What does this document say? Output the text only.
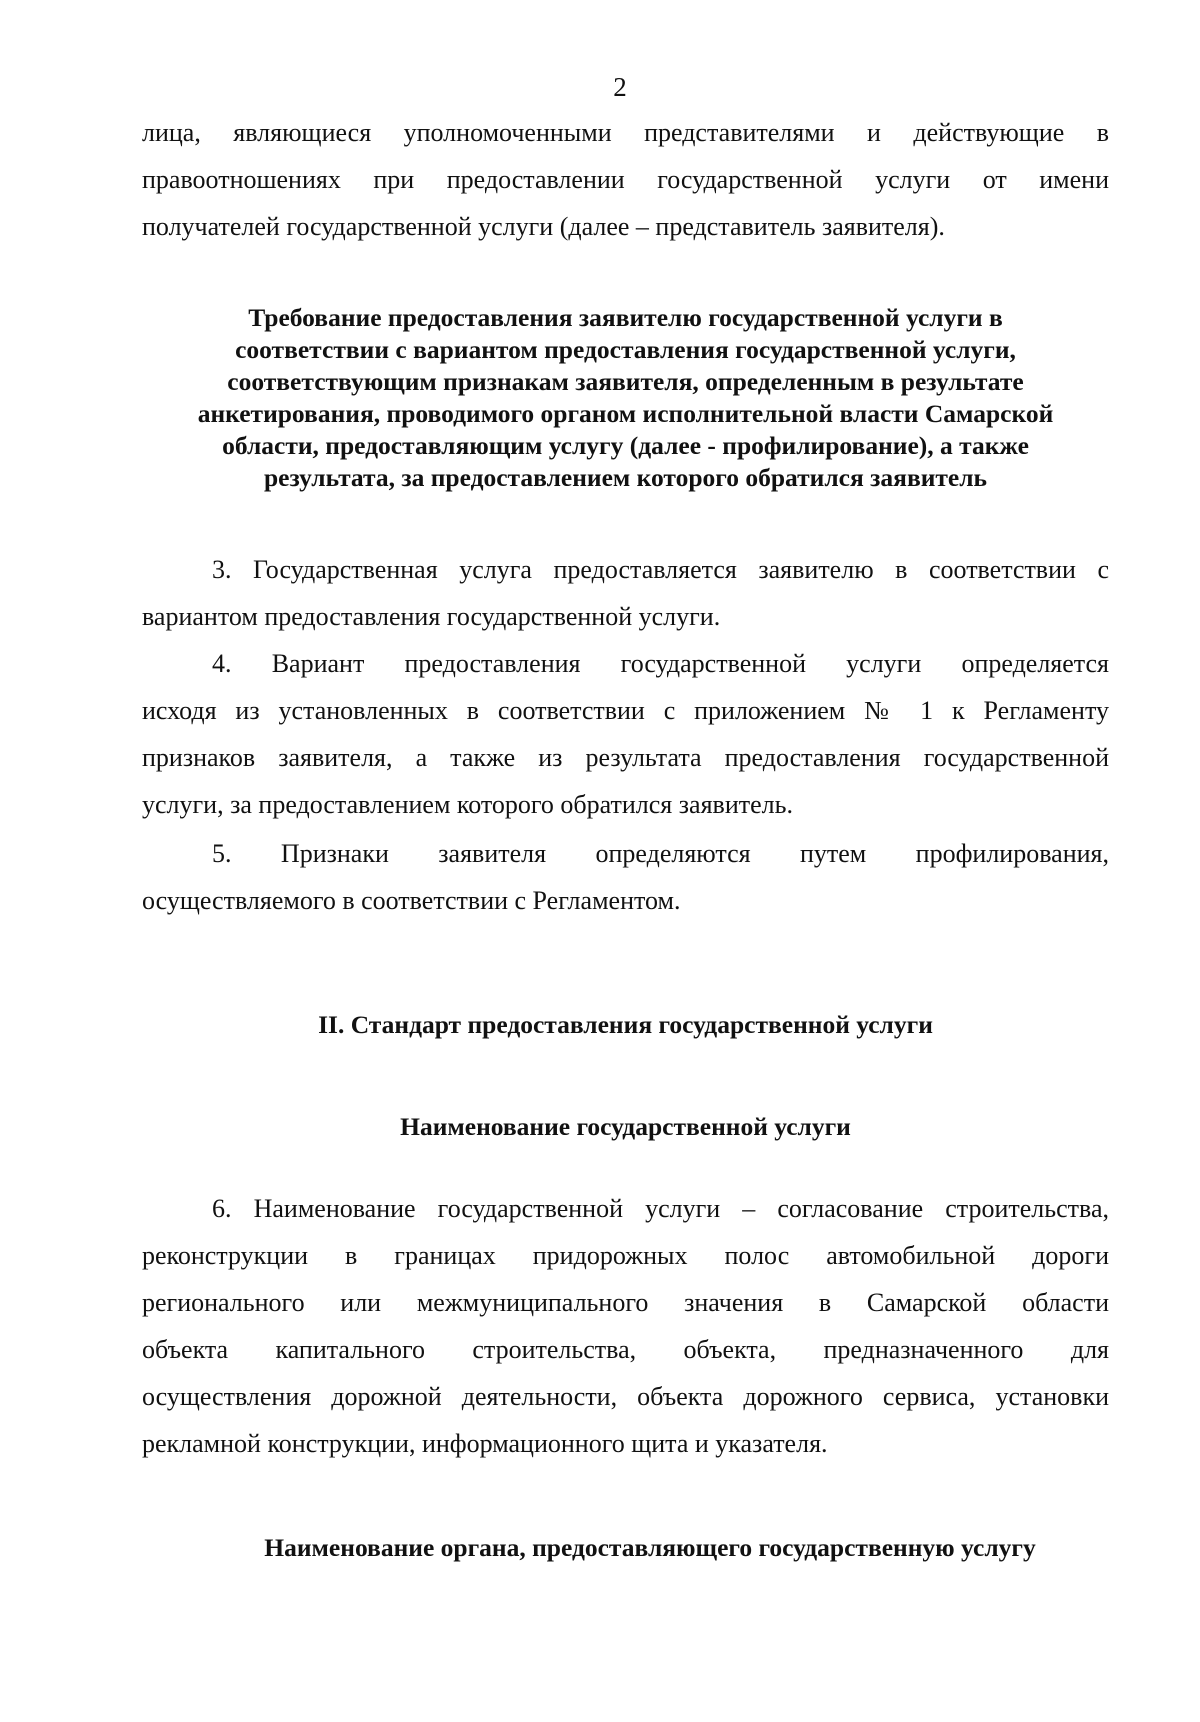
2
лица, являющиеся уполномоченными представителями и действующие в
правоотношениях при предоставлении государственной услуги от имени
получателей государственной услуги (далее – представитель заявителя).
Требование предоставления заявителю государственной услуги в
соответствии с вариантом предоставления государственной услуги,
соответствующим признакам заявителя, определенным в результате
анкетирования, проводимого органом исполнительной власти Самарской
области, предоставляющим услугу (далее - профилирование), а также
результата, за предоставлением которого обратился заявитель
3. Государственная услуга предоставляется заявителю в соответствии с
вариантом предоставления государственной услуги.
4. Вариант предоставления государственной услуги определяется
исходя из установленных в соответствии с приложением № 1 к Регламенту
признаков заявителя, а также из результата предоставления государственной
услуги, за предоставлением которого обратился заявитель.
5. Признаки заявителя определяются путем профилирования,
осуществляемого в соответствии с Регламентом.
II. Стандарт предоставления государственной услуги
Наименование государственной услуги
6. Наименование государственной услуги – согласование строительства,
реконструкции в границах придорожных полос автомобильной дороги
регионального или межмуниципального значения в Самарской области
объекта капитального строительства, объекта, предназначенного для
осуществления дорожной деятельности, объекта дорожного сервиса, установки
рекламной конструкции, информационного щита и указателя.
Наименование органа, предоставляющего государственную услугу
